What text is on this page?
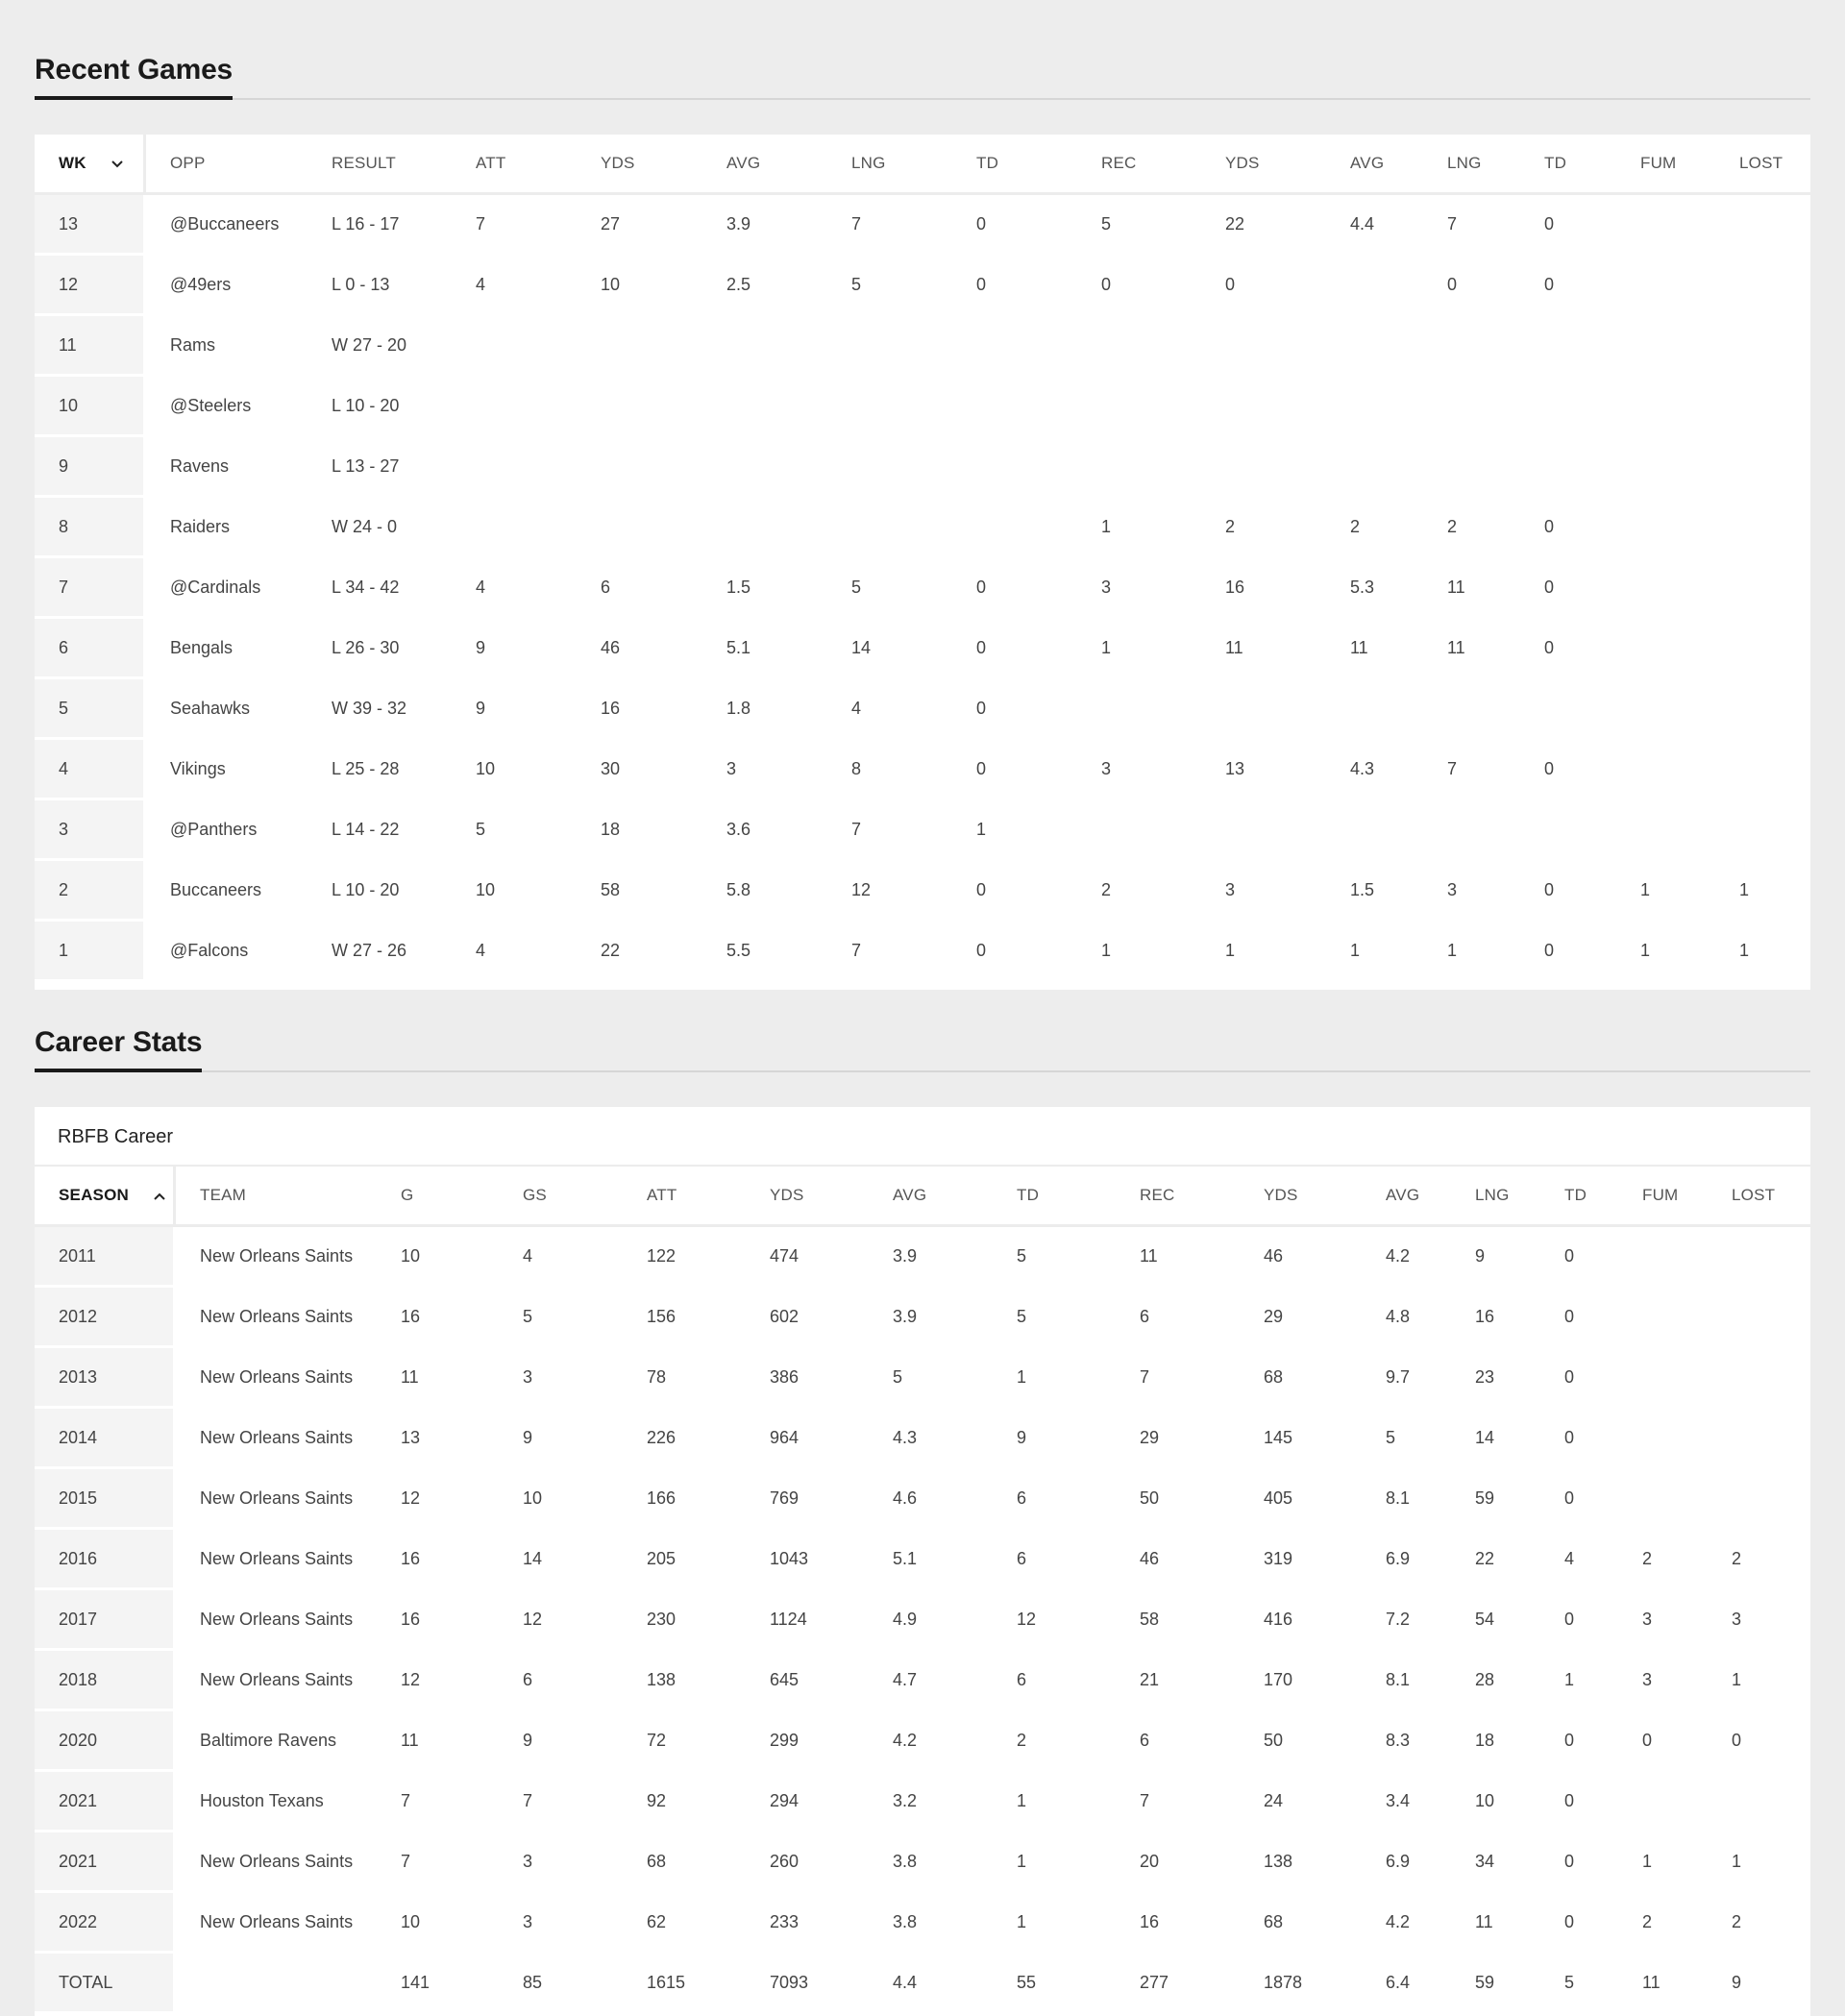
Recent Games
WK	OPP	RESULT	ATT	YDS	AVG	LNG	TD	REC	YDS	AVG	LNG	TD	FUM	LOST
13	@Buccaneers	L 16 - 17	7	27	3.9	7	0	5	22	4.4	7	0		
12	@49ers	L 0 - 13	4	10	2.5	5	0	0	0		0	0		
11	Rams	W 27 - 20												
10	@Steelers	L 10 - 20												
9	Ravens	L 13 - 27												
8	Raiders	W 24 - 0						1	2	2	2	0		
7	@Cardinals	L 34 - 42	4	6	1.5	5	0	3	16	5.3	11	0		
6	Bengals	L 26 - 30	9	46	5.1	14	0	1	11	11	11	0		
5	Seahawks	W 39 - 32	9	16	1.8	4	0							
4	Vikings	L 25 - 28	10	30	3	8	0	3	13	4.3	7	0		
3	@Panthers	L 14 - 22	5	18	3.6	7	1							
2	Buccaneers	L 10 - 20	10	58	5.8	12	0	2	3	1.5	3	0	1	1
1	@Falcons	W 27 - 26	4	22	5.5	7	0	1	1	1	1	0	1	1
Career Stats
RBFB Career
SEASON	TEAM	G	GS	ATT	YDS	AVG	TD	REC	YDS	AVG	LNG	TD	FUM	LOST
2011	New Orleans Saints	10	4	122	474	3.9	5	11	46	4.2	9	0		
2012	New Orleans Saints	16	5	156	602	3.9	5	6	29	4.8	16	0		
2013	New Orleans Saints	11	3	78	386	5	1	7	68	9.7	23	0		
2014	New Orleans Saints	13	9	226	964	4.3	9	29	145	5	14	0		
2015	New Orleans Saints	12	10	166	769	4.6	6	50	405	8.1	59	0		
2016	New Orleans Saints	16	14	205	1043	5.1	6	46	319	6.9	22	4	2	2
2017	New Orleans Saints	16	12	230	1124	4.9	12	58	416	7.2	54	0	3	3
2018	New Orleans Saints	12	6	138	645	4.7	6	21	170	8.1	28	1	3	1
2020	Baltimore Ravens	11	9	72	299	4.2	2	6	50	8.3	18	0	0	0
2021	Houston Texans	7	7	92	294	3.2	1	7	24	3.4	10	0		
2021	New Orleans Saints	7	3	68	260	3.8	1	20	138	6.9	34	0	1	1
2022	New Orleans Saints	10	3	62	233	3.8	1	16	68	4.2	11	0	2	2
TOTAL		141	85	1615	7093	4.4	55	277	1878	6.4	59	5	11	9
